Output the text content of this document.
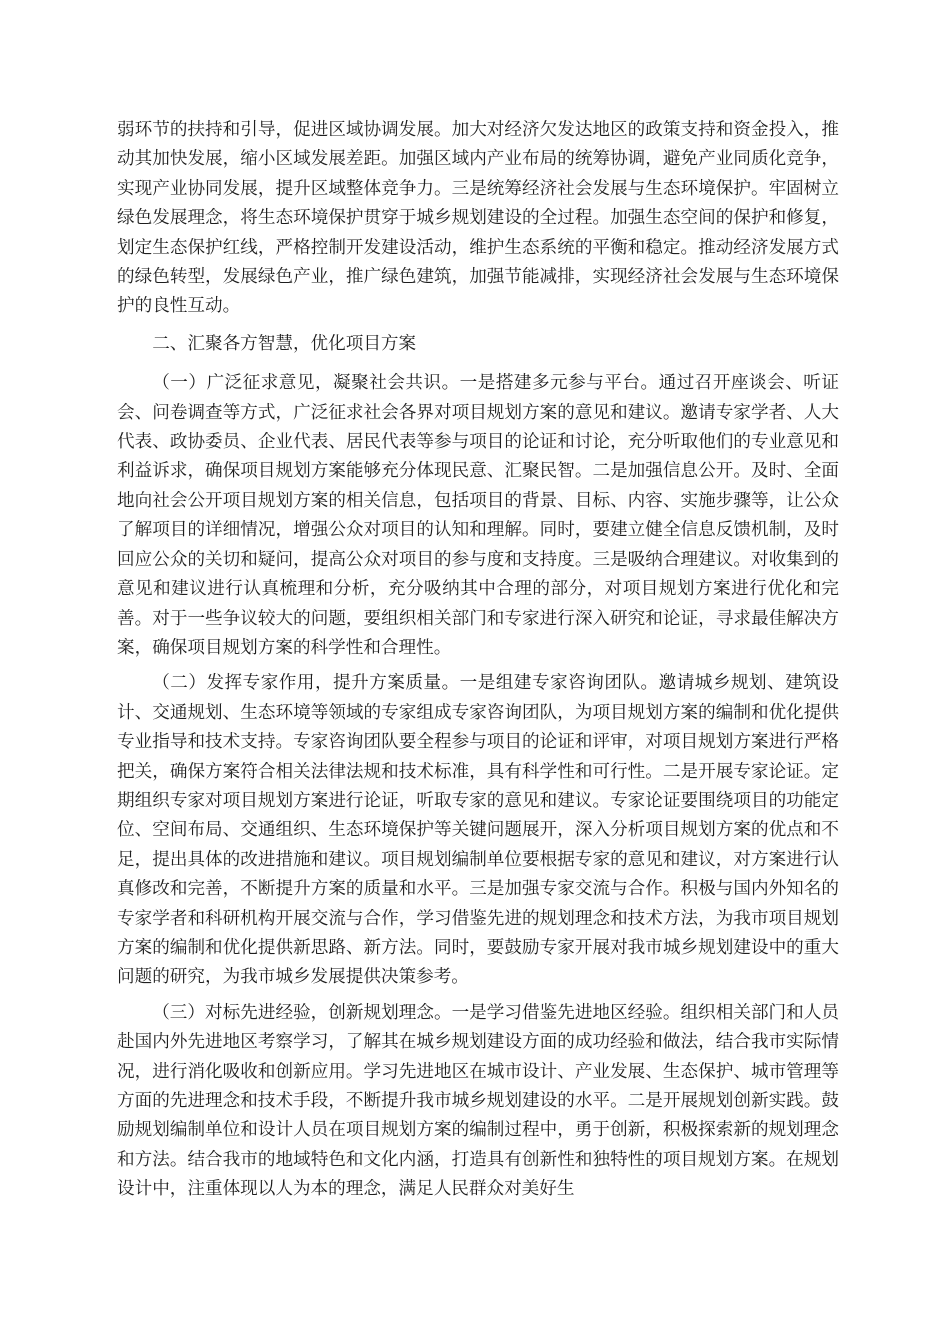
弱环节的扶持和引导，促进区域协调发展。加大对经济欠发达地区的政策支持和资金投入，推动其加快发展，缩小区域发展差距。加强区域内产业布局的统筹协调，避免产业同质化竞争，实现产业协同发展，提升区域整体竞争力。三是统筹经济社会发展与生态环境保护。牢固树立绿色发展理念，将生态环境保护贯穿于城乡规划建设的全过程。加强生态空间的保护和修复，划定生态保护红线，严格控制开发建设活动，维护生态系统的平衡和稳定。推动经济发展方式的绿色转型，发展绿色产业，推广绿色建筑，加强节能减排，实现经济社会发展与生态环境保护的良性互动。

二、汇聚各方智慧，优化项目方案

（一）广泛征求意见，凝聚社会共识。一是搭建多元参与平台。通过召开座谈会、听证会、问卷调查等方式，广泛征求社会各界对项目规划方案的意见和建议。邀请专家学者、人大代表、政协委员、企业代表、居民代表等参与项目的论证和讨论，充分听取他们的专业意见和利益诉求，确保项目规划方案能够充分体现民意、汇聚民智。二是加强信息公开。及时、全面地向社会公开项目规划方案的相关信息，包括项目的背景、目标、内容、实施步骤等，让公众了解项目的详细情况，增强公众对项目的认知和理解。同时，要建立健全信息反馈机制，及时回应公众的关切和疑问，提高公众对项目的参与度和支持度。三是吸纳合理建议。对收集到的意见和建议进行认真梳理和分析，充分吸纳其中合理的部分，对项目规划方案进行优化和完善。对于一些争议较大的问题，要组织相关部门和专家进行深入研究和论证，寻求最佳解决方案，确保项目规划方案的科学性和合理性。

（二）发挥专家作用，提升方案质量。一是组建专家咨询团队。邀请城乡规划、建筑设计、交通规划、生态环境等领域的专家组成专家咨询团队，为项目规划方案的编制和优化提供专业指导和技术支持。专家咨询团队要全程参与项目的论证和评审，对项目规划方案进行严格把关，确保方案符合相关法律法规和技术标准，具有科学性和可行性。二是开展专家论证。定期组织专家对项目规划方案进行论证，听取专家的意见和建议。专家论证要围绕项目的功能定位、空间布局、交通组织、生态环境保护等关键问题展开，深入分析项目规划方案的优点和不足，提出具体的改进措施和建议。项目规划编制单位要根据专家的意见和建议，对方案进行认真修改和完善，不断提升方案的质量和水平。三是加强专家交流与合作。积极与国内外知名的专家学者和科研机构开展交流与合作，学习借鉴先进的规划理念和技术方法，为我市项目规划方案的编制和优化提供新思路、新方法。同时，要鼓励专家开展对我市城乡规划建设中的重大问题的研究，为我市城乡发展提供决策参考。

（三）对标先进经验，创新规划理念。一是学习借鉴先进地区经验。组织相关部门和人员赴国内外先进地区考察学习，了解其在城乡规划建设方面的成功经验和做法，结合我市实际情况，进行消化吸收和创新应用。学习先进地区在城市设计、产业发展、生态保护、城市管理等方面的先进理念和技术手段，不断提升我市城乡规划建设的水平。二是开展规划创新实践。鼓励规划编制单位和设计人员在项目规划方案的编制过程中，勇于创新，积极探索新的规划理念和方法。结合我市的地域特色和文化内涵，打造具有创新性和独特性的项目规划方案。在规划设计中，注重体现以人为本的理念，满足人民群众对美好生
